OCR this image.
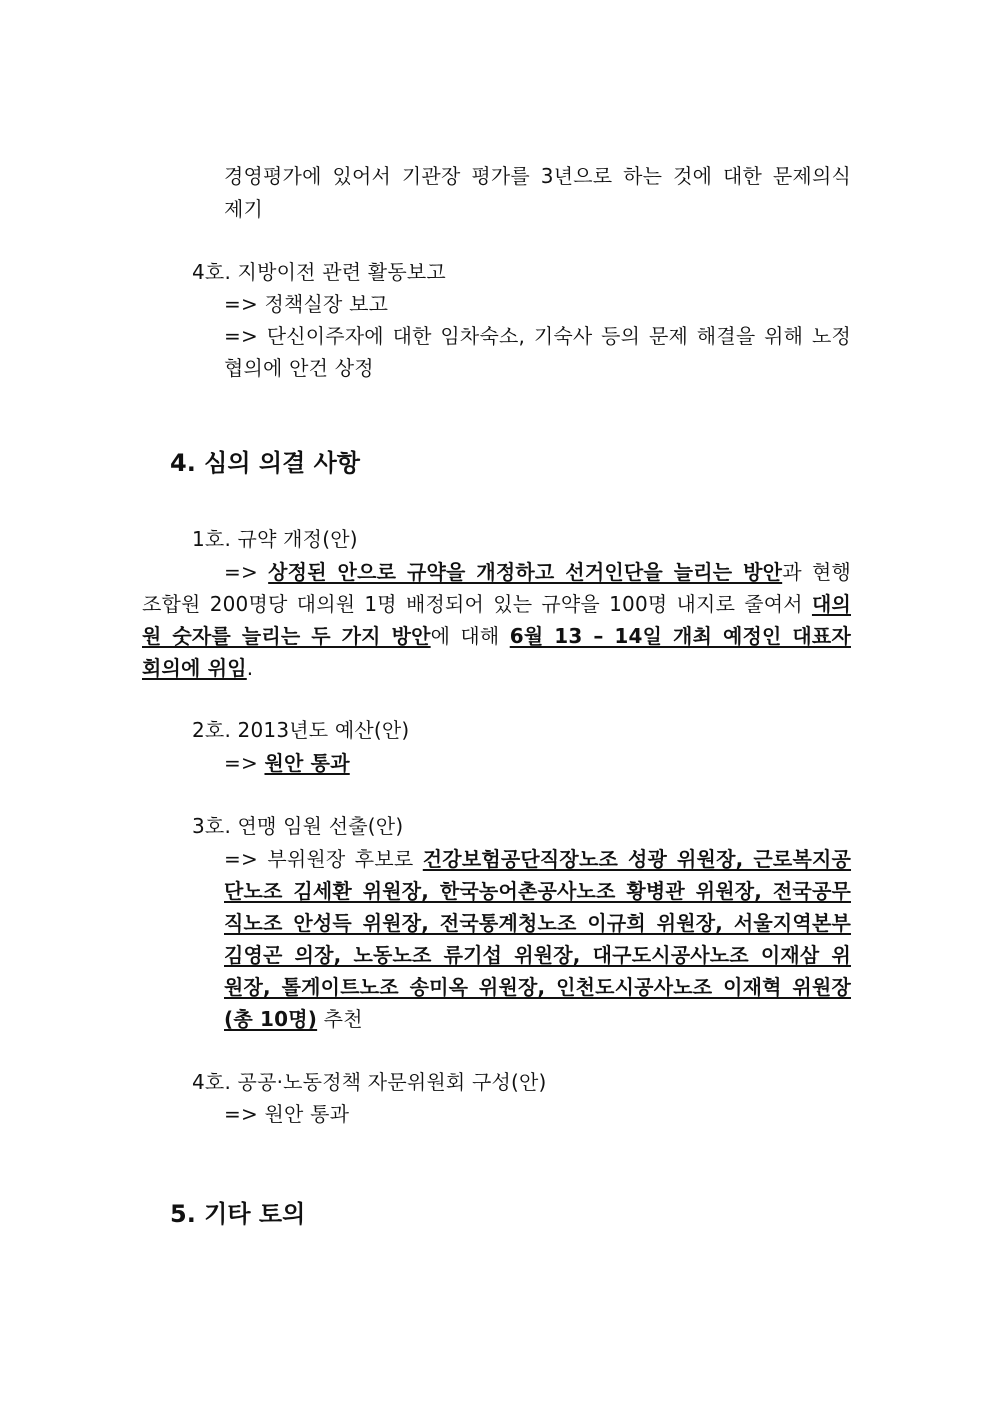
경영평가에 있어서 기관장 평가를 3년으로 하는 것에 대한 문제의식
제기
4호. 지방이전 관련 활동보고
=> 정책실장 보고
=> 단신이주자에 대한 임차숙소, 기숙사 등의 문제 해결을 위해 노정
협의에 안건 상정
4. 심의 의결 사항
1호. 규약 개정(안)
=> 상정된 안으로 규약을 개정하고 선거인단을 늘리는 방안과 현행
조합원 200명당 대의원 1명 배정되어 있는 규약을 100명 내지로 줄여서 대의
원 숫자를 늘리는 두 가지 방안에 대해 6월 13 – 14일 개최 예정인 대표자
회의에 위임.
2호. 2013년도 예산(안)
=> 원안 통과
3호. 연맹 임원 선출(안)
=> 부위원장 후보로 건강보험공단직장노조 성광 위원장, 근로복지공
단노조 김세환 위원장, 한국농어촌공사노조 황병관 위원장, 전국공무
직노조 안성득 위원장, 전국통계청노조 이규희 위원장, 서울지역본부
김영곤 의장, 노동노조 류기섭 위원장, 대구도시공사노조 이재삼 위
원장, 톨게이트노조 송미옥 위원장, 인천도시공사노조 이재혁 위원장
(총 10명) 추천
4호. 공공·노동정책 자문위원회 구성(안)
=> 원안 통과
5. 기타 토의
